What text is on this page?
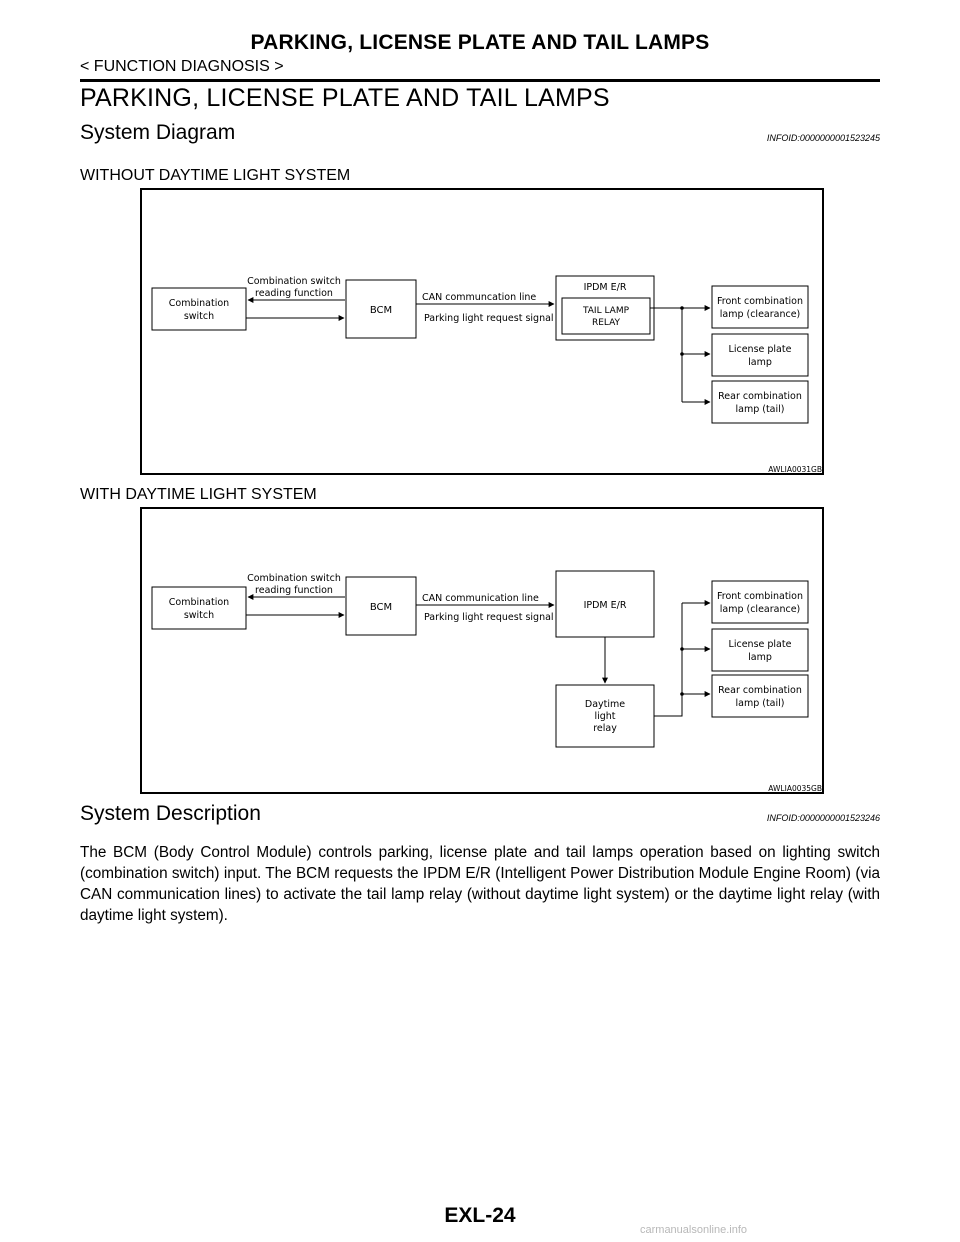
PARKING, LICENSE PLATE AND TAIL LAMPS
< FUNCTION DIAGNOSIS >
PARKING, LICENSE PLATE AND TAIL LAMPS
System Diagram	INFOID:0000000001523245
WITHOUT DAYTIME LIGHT SYSTEM
Combination
switch
Combination switch
reading function
BCM
CAN communcation line
Parking light request signal
IPDM E/R
TAIL LAMP
RELAY
Front combination
lamp (clearance)
License plate
lamp
Rear combination
lamp (tail)
AWLIA0031GB
WITH DAYTIME LIGHT SYSTEM
Combination
switch
Combination switch
reading function
BCM
CAN communication line
Parking light request signal
IPDM E/R
Daytime
light
relay
Front combination
lamp (clearance)
License plate
lamp
Rear combination
lamp (tail)
AWLIA0035GB
System Description	INFOID:0000000001523246

The BCM (Body Control Module) controls parking, license plate and tail lamps operation based on lighting switch (combination switch) input. The BCM requests the IPDM E/R (Intelligent Power Distribution Module Engine Room) (via CAN communication lines) to activate the tail lamp relay (without daytime light system) or the daytime light relay (with daytime light system).

EXL-24
carmanualsonline.info
